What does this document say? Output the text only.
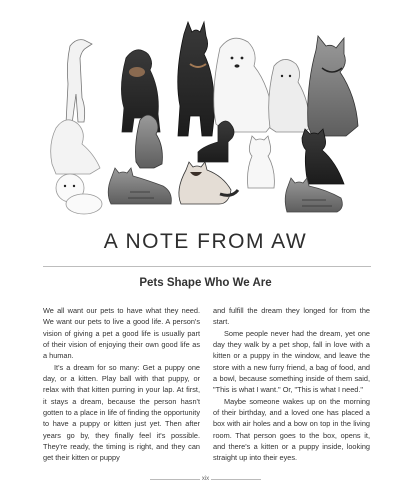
A NOTE FROM AW
Pets Shape Who We Are

We all want our pets to have what they need. We want our pets to live a good life. A person's vision of giving a pet a good life is usually part of their vision of enjoying their own good life as a human.

It's a dream for so many: Get a puppy one day, or a kitten. Play ball with that puppy, or relax with that kitten purring in your lap. At first, it stays a dream, because the person hasn't gotten to a place in life of finding the opportunity to have a puppy or kitten just yet. Then after years go by, they finally feel it's possible. They're ready, the timing is right, and they can get their kitten or puppy

and fulfill the dream they longed for from the start.

Some people never had the dream, yet one day they walk by a pet shop, fall in love with a kitten or a puppy in the window, and leave the store with a new furry friend, a bag of food, and a bowl, because something inside of them said, "This is what I want." Or, "This is what I need."

Maybe someone wakes up on the morning of their birthday, and a loved one has placed a box with air holes and a bow on top in the living room. That person goes to the box, opens it, and there's a kitten or a puppy inside, looking straight up into their eyes.

xix
